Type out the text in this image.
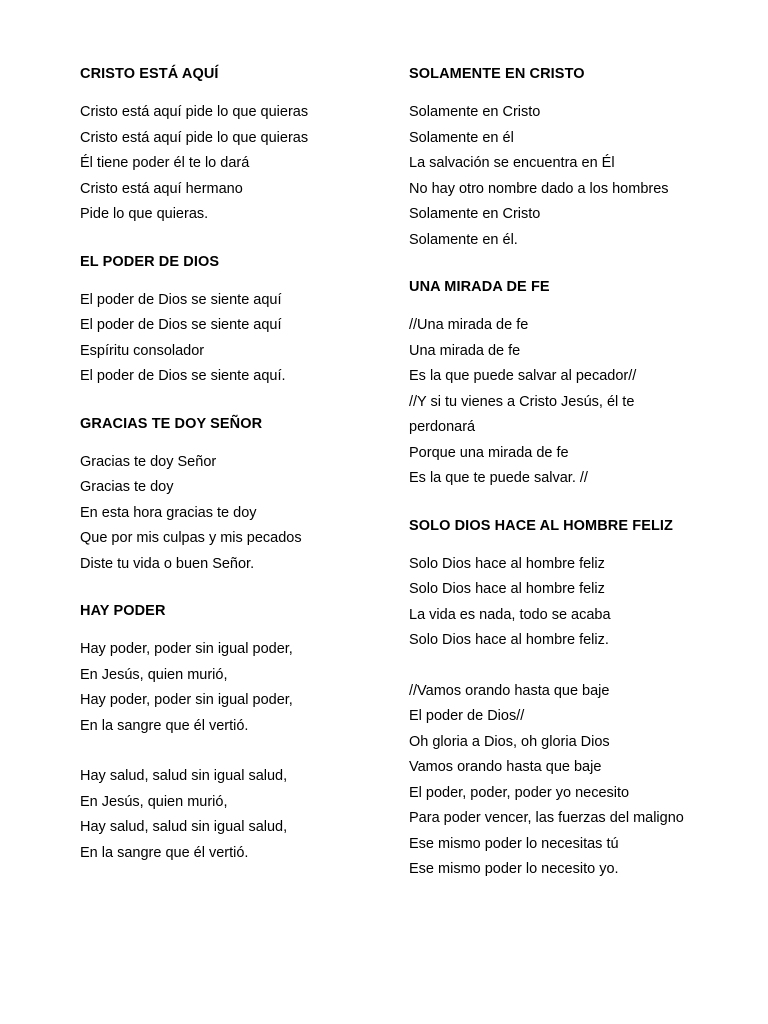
CRISTO ESTÁ AQUÍ
Cristo está aquí pide lo que quieras
Cristo está aquí pide lo que quieras
Él tiene poder él te lo dará
Cristo está aquí hermano
Pide lo que quieras.
EL PODER DE DIOS
El poder de Dios se siente aquí
El poder de Dios se siente aquí
Espíritu consolador
El poder de Dios se siente aquí.
GRACIAS TE DOY SEÑOR
Gracias te doy Señor
Gracias te doy
En esta hora gracias te doy
Que por mis culpas y mis pecados
Diste tu vida o buen Señor.
HAY PODER
Hay poder, poder sin igual poder,
En Jesús, quien murió,
Hay poder, poder sin igual poder,
En la sangre que él vertió.
Hay salud, salud sin igual salud,
En Jesús, quien murió,
Hay salud, salud sin igual salud,
En la sangre que él vertió.
SOLAMENTE EN CRISTO
Solamente en Cristo
Solamente en él
La salvación se encuentra en Él
No hay otro nombre dado a los hombres
Solamente en Cristo
Solamente en él.
UNA MIRADA DE FE
//Una mirada de fe
Una mirada de fe
Es la que puede salvar al pecador//
//Y si tu vienes a Cristo Jesús, él te
perdonará
Porque una mirada de fe
Es la que te puede salvar. //
SOLO DIOS HACE AL HOMBRE FELIZ
Solo Dios hace al hombre feliz
Solo Dios hace al hombre feliz
La vida es nada, todo se acaba
Solo Dios hace al hombre feliz.
//Vamos orando hasta que baje
El poder de Dios//
Oh gloria a Dios, oh gloria Dios
Vamos orando hasta que baje
El poder, poder, poder yo necesito
Para poder vencer, las fuerzas del maligno
Ese mismo poder lo necesitas tú
Ese mismo poder lo necesito yo.
